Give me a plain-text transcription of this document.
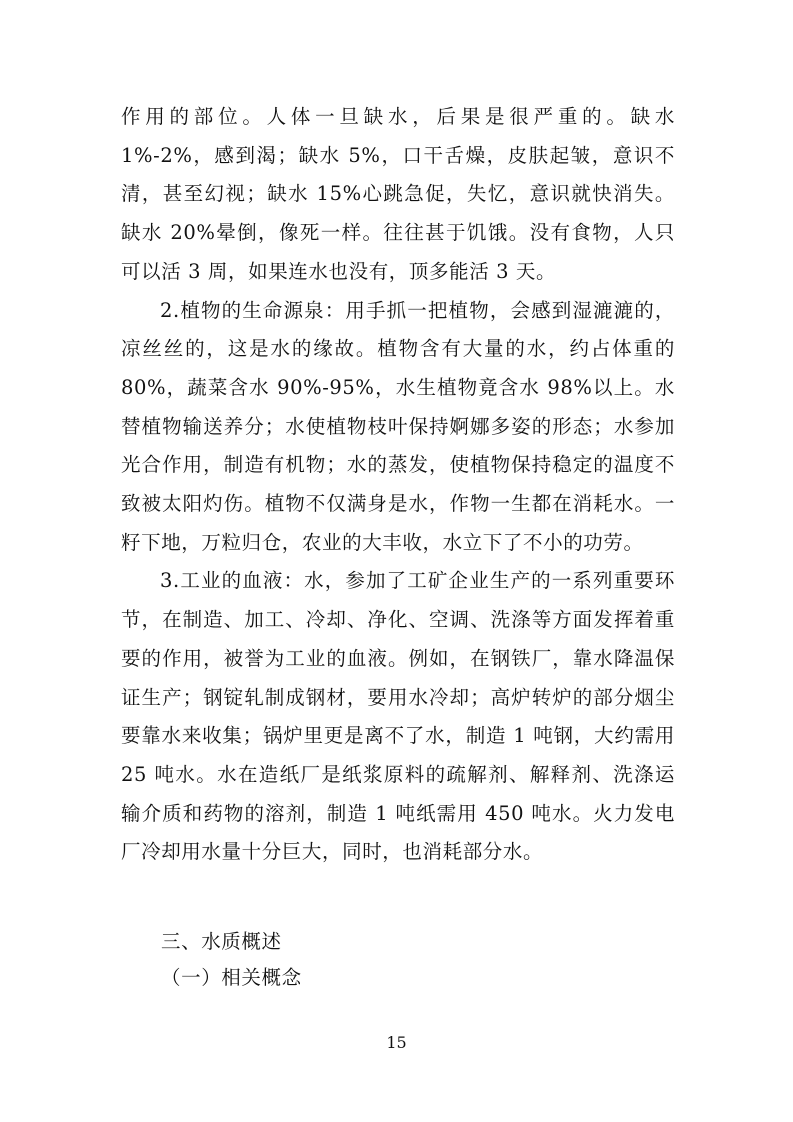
作用的部位。人体一旦缺水，后果是很严重的。缺水 1%-2%，感到渴；缺水 5%，口干舌燥，皮肤起皱，意识不清，甚至幻视；缺水 15%心跳急促，失忆，意识就快消失。缺水 20%晕倒，像死一样。往往甚于饥饿。没有食物，人只可以活 3 周，如果连水也没有，顶多能活 3 天。

2.植物的生命源泉：用手抓一把植物，会感到湿漉漉的，凉丝丝的，这是水的缘故。植物含有大量的水，约占体重的 80%，蔬菜含水 90%-95%，水生植物竟含水 98%以上。水替植物输送养分；水使植物枝叶保持婀娜多姿的形态；水参加光合作用，制造有机物；水的蒸发，使植物保持稳定的温度不致被太阳灼伤。植物不仅满身是水，作物一生都在消耗水。一籽下地，万粒归仓，农业的大丰收，水立下了不小的功劳。

3.工业的血液：水，参加了工矿企业生产的一系列重要环节，在制造、加工、冷却、净化、空调、洗涤等方面发挥着重要的作用，被誉为工业的血液。例如，在钢铁厂，靠水降温保证生产；钢锭轧制成钢材，要用水冷却；高炉转炉的部分烟尘要靠水来收集；锅炉里更是离不了水，制造 1 吨钢，大约需用 25 吨水。水在造纸厂是纸浆原料的疏解剂、解释剂、洗涤运输介质和药物的溶剂，制造 1 吨纸需用 450 吨水。火力发电厂冷却用水量十分巨大，同时，也消耗部分水。

三、水质概述

（一）相关概念

15
